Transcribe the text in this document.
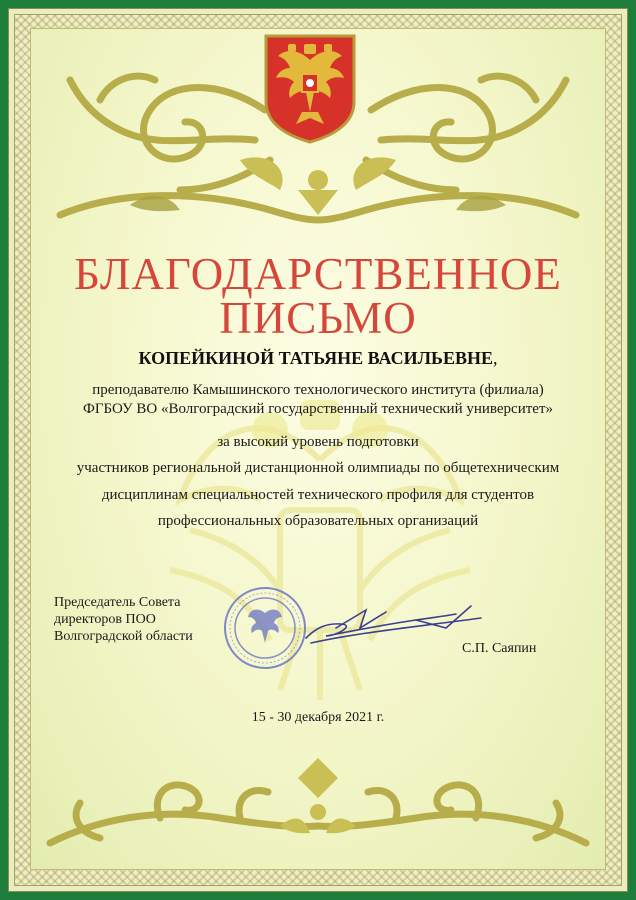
БЛАГОДАРСТВЕННОЕ
ПИСЬМО
КОПЕЙКИНОЙ ТАТЬЯНЕ ВАСИЛЬЕВНЕ,
преподавателю Камышинского технологического института (филиала)
ФГБОУ ВО «Волгоградский государственный технический университет»
за высокий уровень подготовки
участников региональной дистанционной олимпиады по общетехническим
дисциплинам специальностей технического профиля для студентов
профессиональных образовательных организаций
Председатель Совета
директоров ПОО
Волгоградской области
С.П. Саяпин
15 - 30 декабря 2021 г.
